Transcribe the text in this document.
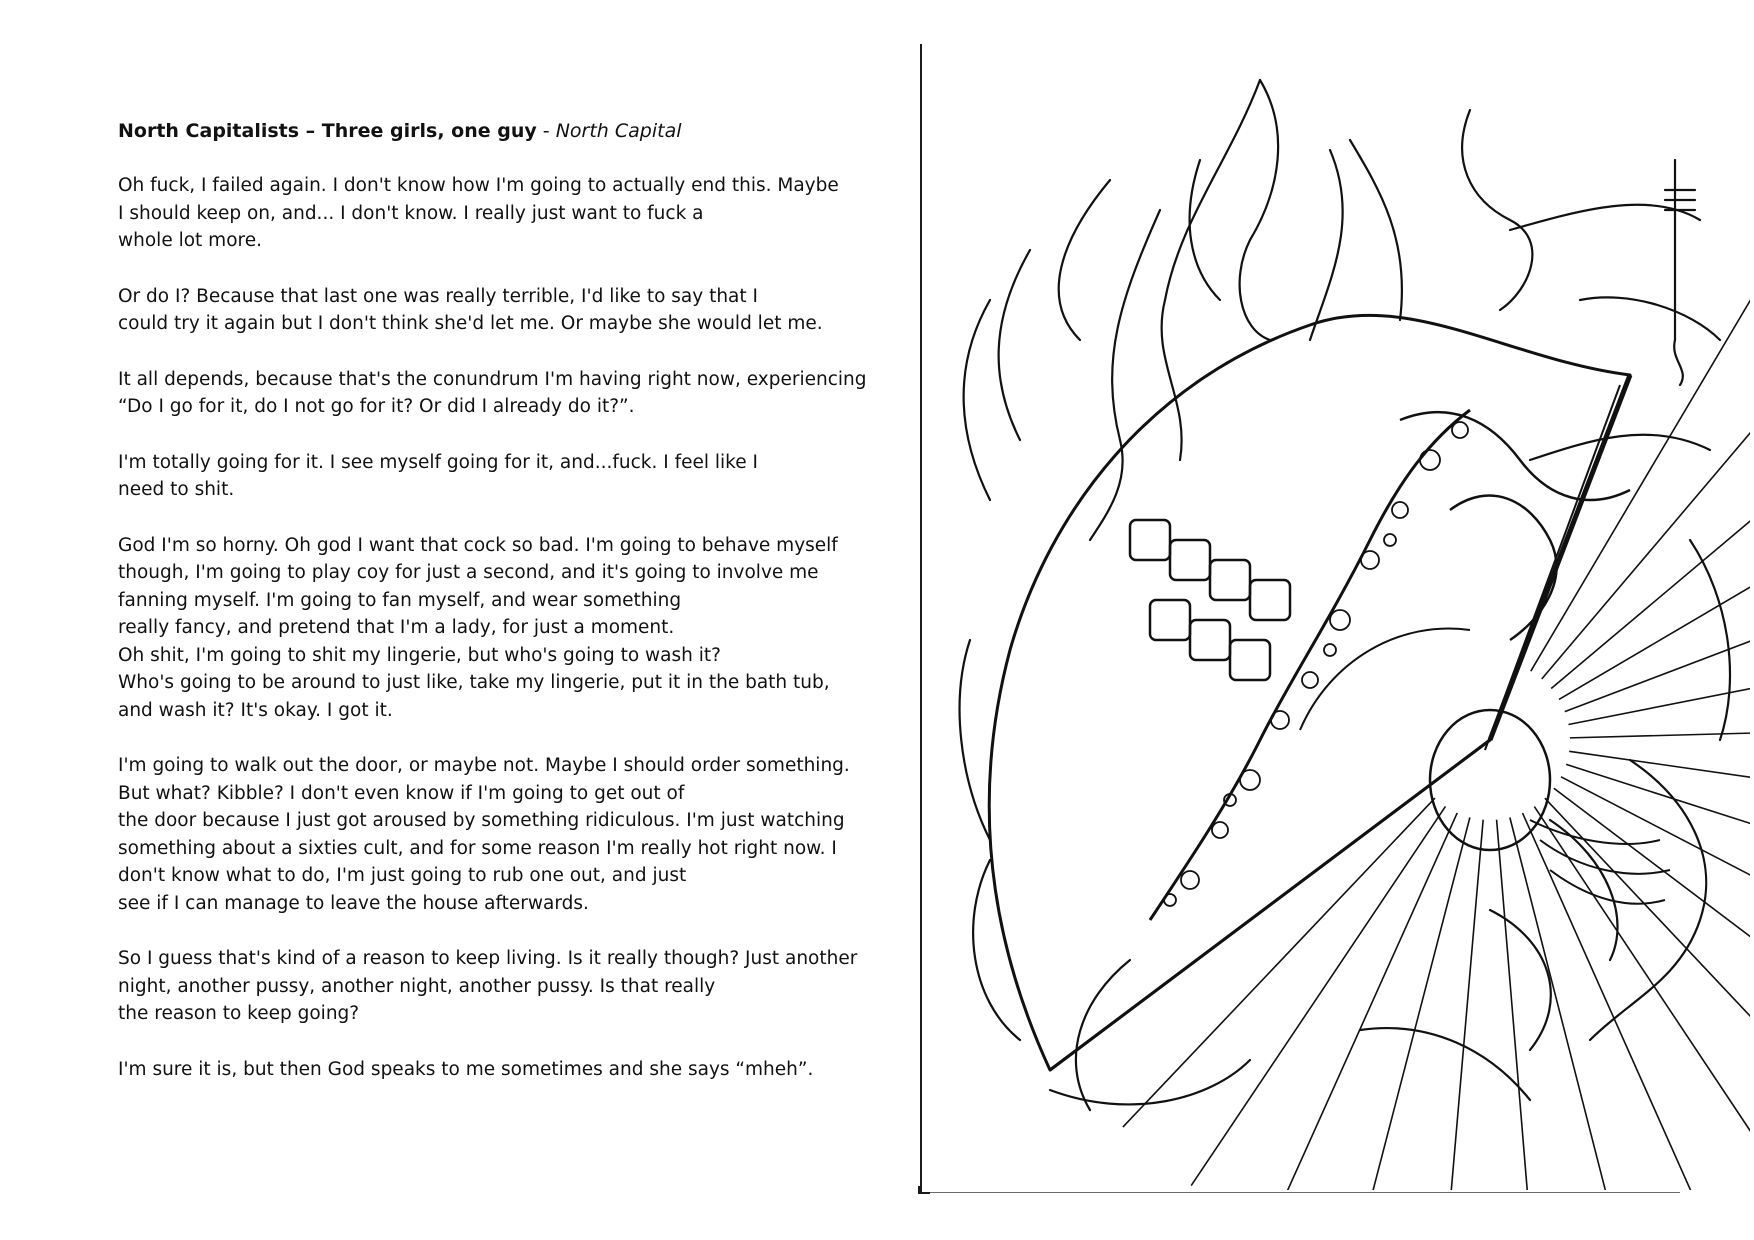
North Capitalists – Three girls, one guy - North Capital

Oh fuck, I failed again. I don't know how I'm going to actually end this. Maybe
I should keep on, and... I don't know. I really just want to fuck a
whole lot more.
Or do I? Because that last one was really terrible, I'd like to say that I
could try it again but I don't think she'd let me. Or maybe she would let me.
It all depends, because that's the conundrum I'm having right now, experiencing
“Do I go for it, do I not go for it? Or did I already do it?”.
I'm totally going for it. I see myself going for it, and...fuck. I feel like I
need to shit.
God I'm so horny. Oh god I want that cock so bad. I'm going to behave myself
though, I'm going to play coy for just a second, and it's going to involve me
fanning myself. I'm going to fan myself, and wear something
really fancy, and pretend that I'm a lady, for just a moment.
Oh shit, I'm going to shit my lingerie, but who's going to wash it?
Who's going to be around to just like, take my lingerie, put it in the bath tub,
and wash it? It's okay. I got it.
I'm going to walk out the door, or maybe not. Maybe I should order something.
But what? Kibble? I don't even know if I'm going to get out of
the door because I just got aroused by something ridiculous. I'm just watching
something about a sixties cult, and for some reason I'm really hot right now. I
don't know what to do, I'm just going to rub one out, and just
see if I can manage to leave the house afterwards.
So I guess that's kind of a reason to keep living. Is it really though? Just another
night, another pussy, another night, another pussy. Is that really
the reason to keep going?
I'm sure it is, but then God speaks to me sometimes and she says “mheh”.
